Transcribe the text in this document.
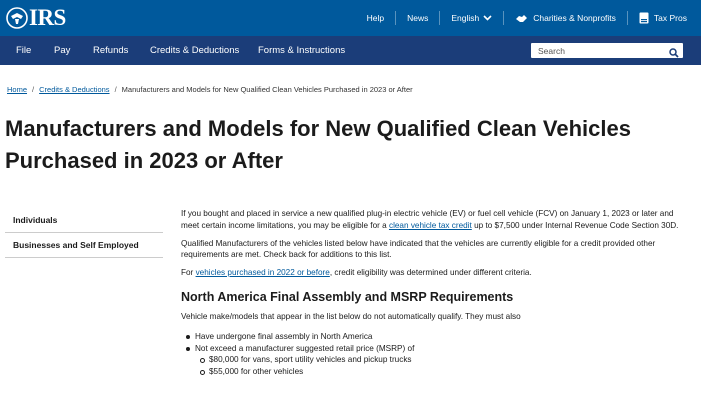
IRS	Help	News	English	Charities & Nonprofits	Tax Pros
File Pay Refunds Credits & Deductions Forms & Instructions
Search
Home / Credits & Deductions / Manufacturers and Models for New Qualified Clean Vehicles Purchased in 2023 or After
Manufacturers and Models for New Qualified Clean Vehicles Purchased in 2023 or After
Individuals
Businesses and Self Employed

If you bought and placed in service a new qualified plug-in electric vehicle (EV) or fuel cell vehicle (FCV) on January 1, 2023 or later and meet certain income limitations, you may be eligible for a clean vehicle tax credit up to $7,500 under Internal Revenue Code Section 30D.

Qualified Manufacturers of the vehicles listed below have indicated that the vehicles are currently eligible for a credit provided other requirements are met. Check back for additions to this list.

For vehicles purchased in 2022 or before, credit eligibility was determined under different criteria.

North America Final Assembly and MSRP Requirements

Vehicle make/models that appear in the list below do not automatically qualify. They must also

Have undergone final assembly in North America
Not exceed a manufacturer suggested retail price (MSRP) of
$80,000 for vans, sport utility vehicles and pickup trucks
$55,000 for other vehicles
